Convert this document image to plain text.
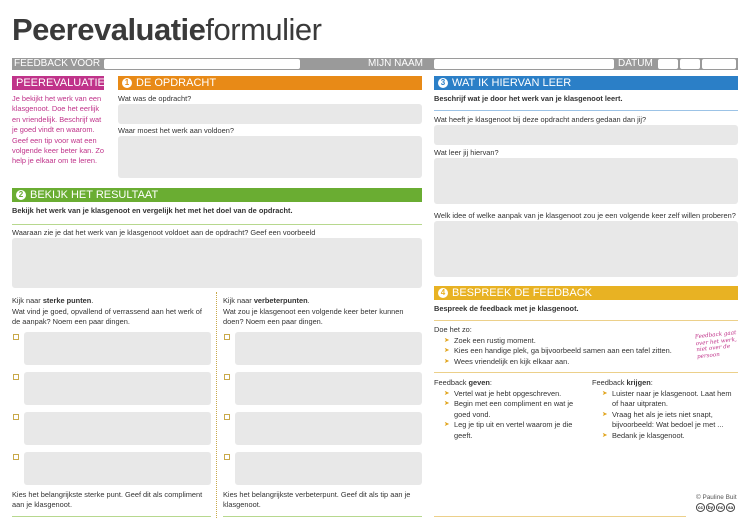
Peerevaluatieformulier
FEEDBACK VOOR	MIJN NAAM	DATUM
PEEREVALUATIE
Je bekijkt het werk van een klasgenoot. Doe het eerlijk en vriendelijk. Beschrijf wat je goed vindt en waarom. Geef een tip voor wat een volgende keer beter kan. Zo help je elkaar om te leren.
1 DE OPDRACHT
Wat was de opdracht?
Waar moest het werk aan voldoen?
2 BEKIJK HET RESULTAAT
Bekijk het werk van je klasgenoot en vergelijk het met het doel van de opdracht.
Waaraan zie je dat het werk van je klasgenoot voldoet aan de opdracht? Geef een voorbeeld
Kijk naar sterke punten.
Wat vind je goed, opvallend of verrassend aan het werk of de aanpak? Noem een paar dingen.
Kijk naar verbeterpunten.
Wat zou je klasgenoot een volgende keer beter kunnen doen? Noem een paar dingen.
Kies het belangrijkste sterke punt. Geef dit als compliment aan je klasgenoot.
Kies het belangrijkste verbeterpunt. Geef dit als tip aan je klasgenoot.
3 WAT IK HIERVAN LEER
Beschrijf wat je door het werk van je klasgenoot leert.
Wat heeft je klasgenoot bij deze opdracht anders gedaan dan jij?
Wat leer jij hiervan?
Welk idee of welke aanpak van je klasgenoot zou je een volgende keer zelf willen proberen?
4 BESPREEK DE FEEDBACK
Bespreek de feedback met je klasgenoot.
Doe het zo:
➤ Zoek een rustig moment.
➤ Kies een handige plek, ga bijvoorbeeld samen aan een tafel zitten.
➤ Wees vriendelijk en kijk elkaar aan.
Feedback gaat over het werk, niet over de persoon
Feedback geven:
➤ Vertel wat je hebt opgeschreven.
➤ Begin met een compliment en wat je goed vond.
➤ Leg je tip uit en vertel waarom je die geeft.
Feedback krijgen:
➤ Luister naar je klasgenoot. Laat hem of haar uitpraten.
➤ Vraag het als je iets niet snapt, bijvoorbeeld: Wat bedoel je met ...
➤ Bedank je klasgenoot.
© Pauline Buit
cc	by	nc	sa
